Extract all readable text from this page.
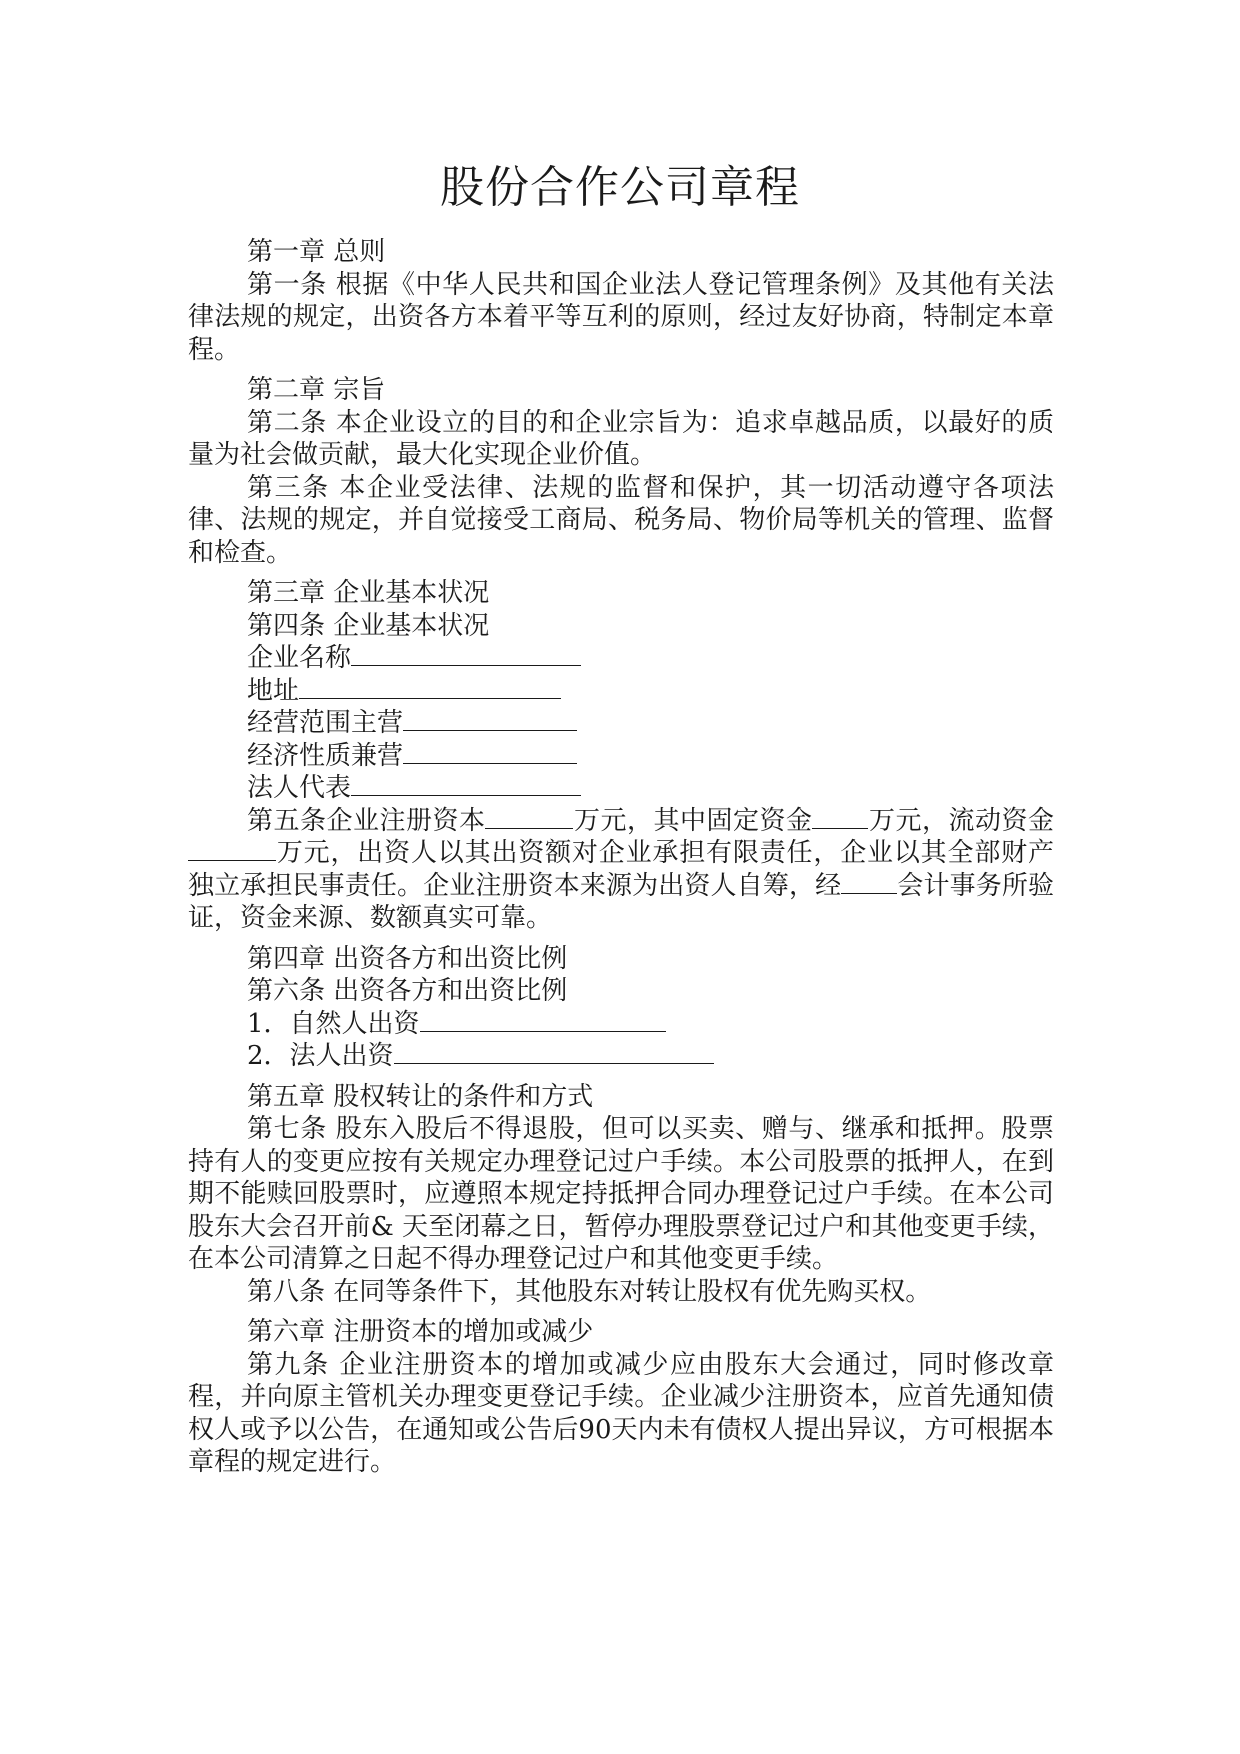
股份合作公司章程

第一章 总则

第一条 根据《中华人民共和国企业法人登记管理条例》及其他有关法律法规的规定，出资各方本着平等互利的原则，经过友好协商，特制定本章程。

第二章 宗旨

第二条 本企业设立的目的和企业宗旨为：追求卓越品质，以最好的质量为社会做贡献，最大化实现企业价值。

第三条 本企业受法律、法规的监督和保护，其一切活动遵守各项法律、法规的规定，并自觉接受工商局、税务局、物价局等机关的管理、监督和检查。

第三章 企业基本状况

第四条 企业基本状况

企业名称

地址

经营范围主营

经济性质兼营

法人代表

第五条企业注册资本	万元，其中固定资金 万元，流动资金万元，出资人以其出资额对企业承担有限责任，企业以其全部财产独立承担民事责任。企业注册资本来源为出资人自筹，经 会计事务所验证，资金来源、数额真实可靠。

第四章 出资各方和出资比例

第六条 出资各方和出资比例

1．自然人出资

2．法人出资

第五章 股权转让的条件和方式

第七条 股东入股后不得退股，但可以买卖、赠与、继承和抵押。股票持有人的变更应按有关规定办理登记过户手续。本公司股票的抵押人，在到期不能赎回股票时，应遵照本规定持抵押合同办理登记过户手续。在本公司股东大会召开前& 天至闭幕之日，暂停办理股票登记过户和其他变更手续，在本公司清算之日起不得办理登记过户和其他变更手续。

第八条 在同等条件下，其他股东对转让股权有优先购买权。

第六章 注册资本的增加或减少

第九条 企业注册资本的增加或减少应由股东大会通过，同时修改章程，并向原主管机关办理变更登记手续。企业减少注册资本，应首先通知债权人或予以公告，在通知或公告后90天内未有债权人提出异议，方可根据本章程的规定进行。
